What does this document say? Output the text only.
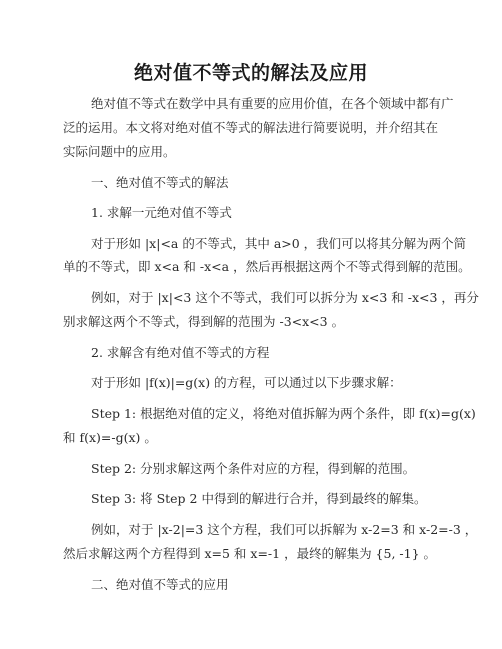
绝对值不等式的解法及应用
绝对值不等式在数学中具有重要的应用价值，在各个领域中都有广
泛的运用。本文将对绝对值不等式的解法进行简要说明，并介绍其在
实际问题中的应用。
一、绝对值不等式的解法
1. 求解一元绝对值不等式
对于形如 |x|<a 的不等式，其中 a>0 ，我们可以将其分解为两个简
单的不等式，即 x<a 和 -x<a ，然后再根据这两个不等式得到解的范围。
例如，对于 |x|<3 这个不等式，我们可以拆分为 x<3 和 -x<3 ，再分
别求解这两个不等式，得到解的范围为 -3<x<3 。
2. 求解含有绝对值不等式的方程
对于形如 |f(x)|=g(x) 的方程，可以通过以下步骤求解：
Step 1: 根据绝对值的定义，将绝对值拆解为两个条件，即 f(x)=g(x)
和 f(x)=-g(x) 。
Step 2: 分别求解这两个条件对应的方程，得到解的范围。
Step 3: 将 Step 2 中得到的解进行合并，得到最终的解集。
例如，对于 |x-2|=3 这个方程，我们可以拆解为 x-2=3 和 x-2=-3 ，
然后求解这两个方程得到 x=5 和 x=-1 ，最终的解集为 {5, -1} 。
二、绝对值不等式的应用
